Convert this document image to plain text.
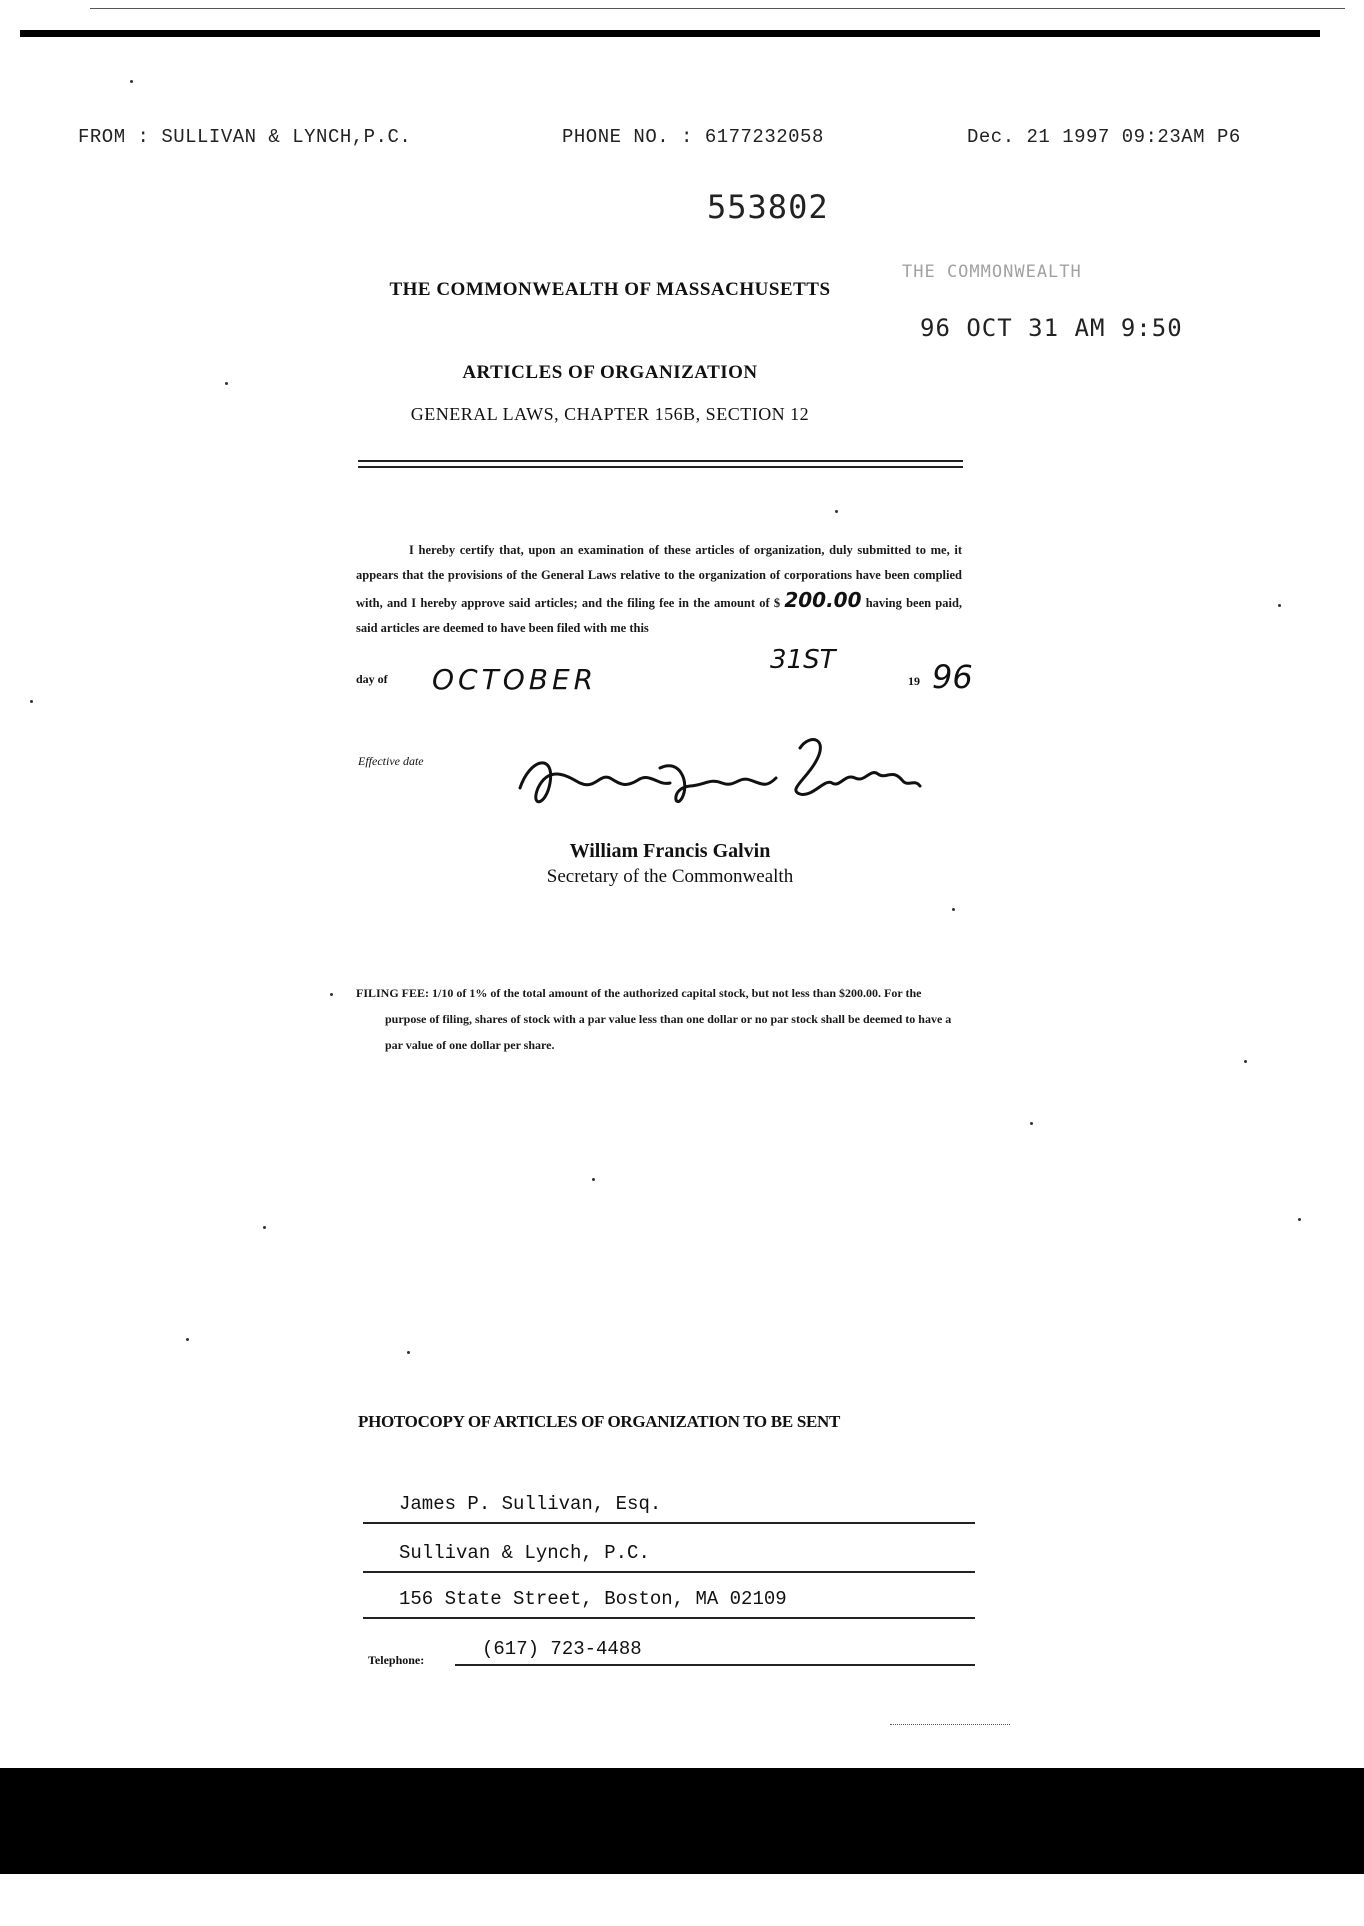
FROM : SULLIVAN & LYNCH,P.C.	PHONE NO. : 6177232058	Dec. 21 1997 09:23AM P6
553802
THE COMMONWEALTH OF MASSACHUSETTS
THE COMMONWEALTH
96 OCT 31 AM 9:50
ARTICLES OF ORGANIZATION
GENERAL LAWS, CHAPTER 156B, SECTION 12
I hereby certify that, upon an examination of these articles of organization, duly submitted to me, it appears that the provisions of the General Laws relative to the organization of corporations have been complied with, and I hereby approve said articles; and the filing fee in the amount of $ 200.00 having been paid, said articles are deemed to have been filed with me this
31ST
day of OCTOBER	19 96
Effective date
William Francis Galvin
Secretary of the Commonwealth
FILING FEE: 1/10 of 1% of the total amount of the authorized capital stock, but not less than $200.00. For the purpose of filing, shares of stock with a par value less than one dollar or no par stock shall be deemed to have a par value of one dollar per share.
PHOTOCOPY OF ARTICLES OF ORGANIZATION TO BE SENT
James P. Sullivan, Esq.
Sullivan & Lynch, P.C.
156 State Street, Boston, MA 02109
Telephone:	(617) 723-4488
